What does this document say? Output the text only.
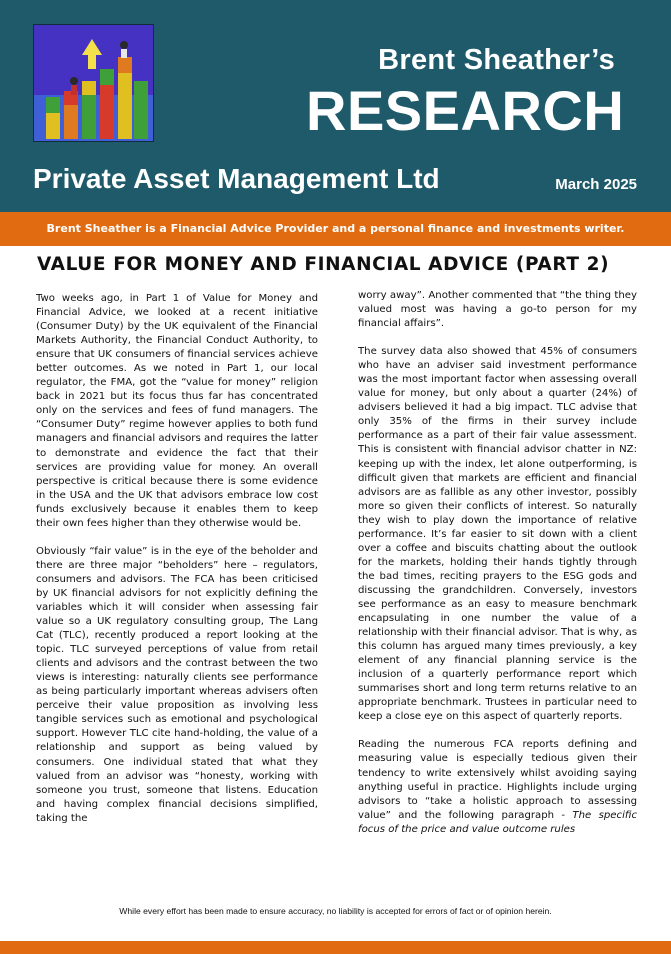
Brent Sheather’s
RESEARCH
Private Asset Management Ltd	March 2025
Brent Sheather is a Financial Advice Provider and a personal finance and investments writer.
VALUE FOR MONEY AND FINANCIAL ADVICE (PART 2)

Two weeks ago, in Part 1 of Value for Money and Financial Advice, we looked at a recent initiative (Consumer Duty) by the UK equivalent of the Financial Markets Authority, the Financial Conduct Authority, to ensure that UK consumers of financial services achieve better outcomes. As we noted in Part 1, our local regulator, the FMA, got the “value for money” religion back in 2021 but its focus thus far has concentrated only on the services and fees of fund managers. The “Consumer Duty” regime however applies to both fund managers and financial advisors and requires the latter to demonstrate and evidence the fact that their services are providing value for money. An overall perspective is critical because there is some evidence in the USA and the UK that advisors embrace low cost funds exclusively because it enables them to keep their own fees higher than they otherwise would be.

Obviously “fair value” is in the eye of the beholder and there are three major “beholders” here – regulators, consumers and advisors. The FCA has been criticised by UK financial advisors for not explicitly defining the variables which it will consider when assessing fair value so a UK regulatory consulting group, The Lang Cat (TLC), recently produced a report looking at the topic. TLC surveyed perceptions of value from retail clients and advisors and the contrast between the two views is interesting: naturally clients see performance as being particularly important whereas advisers often perceive their value proposition as involving less tangible services such as emotional and psychological support. However TLC cite hand-holding, the value of a relationship and support as being valued by consumers. One individual stated that what they valued from an advisor was “honesty, working with someone you trust, someone that listens. Education and having complex financial decisions simplified, taking the

worry away”. Another commented that “the thing they valued most was having a go-to person for my financial affairs”.

The survey data also showed that 45% of consumers who have an adviser said investment performance was the most important factor when assessing overall value for money, but only about a quarter (24%) of advisers believed it had a big impact. TLC advise that only 35% of the firms in their survey include performance as a part of their fair value assessment. This is consistent with financial advisor chatter in NZ: keeping up with the index, let alone outperforming, is difficult given that markets are efficient and financial advisors are as fallible as any other investor, possibly more so given their conflicts of interest. So naturally they wish to play down the importance of relative performance. It’s far easier to sit down with a client over a coffee and biscuits chatting about the outlook for the markets, holding their hands tightly through the bad times, reciting prayers to the ESG gods and discussing the grandchildren. Conversely, investors see performance as an easy to measure benchmark encapsulating in one number the value of a relationship with their financial advisor. That is why, as this column has argued many times previously, a key element of any financial planning service is the inclusion of a quarterly performance report which summarises short and long term returns relative to an appropriate benchmark. Trustees in particular need to keep a close eye on this aspect of quarterly reports.

Reading the numerous FCA reports defining and measuring value is especially tedious given their tendency to write extensively whilst avoiding saying anything useful in practice. Highlights include urging advisors to “take a holistic approach to assessing value” and the following paragraph - The specific focus of the price and value outcome rules

While every effort has been made to ensure accuracy, no liability is accepted for errors of fact or of opinion herein.
